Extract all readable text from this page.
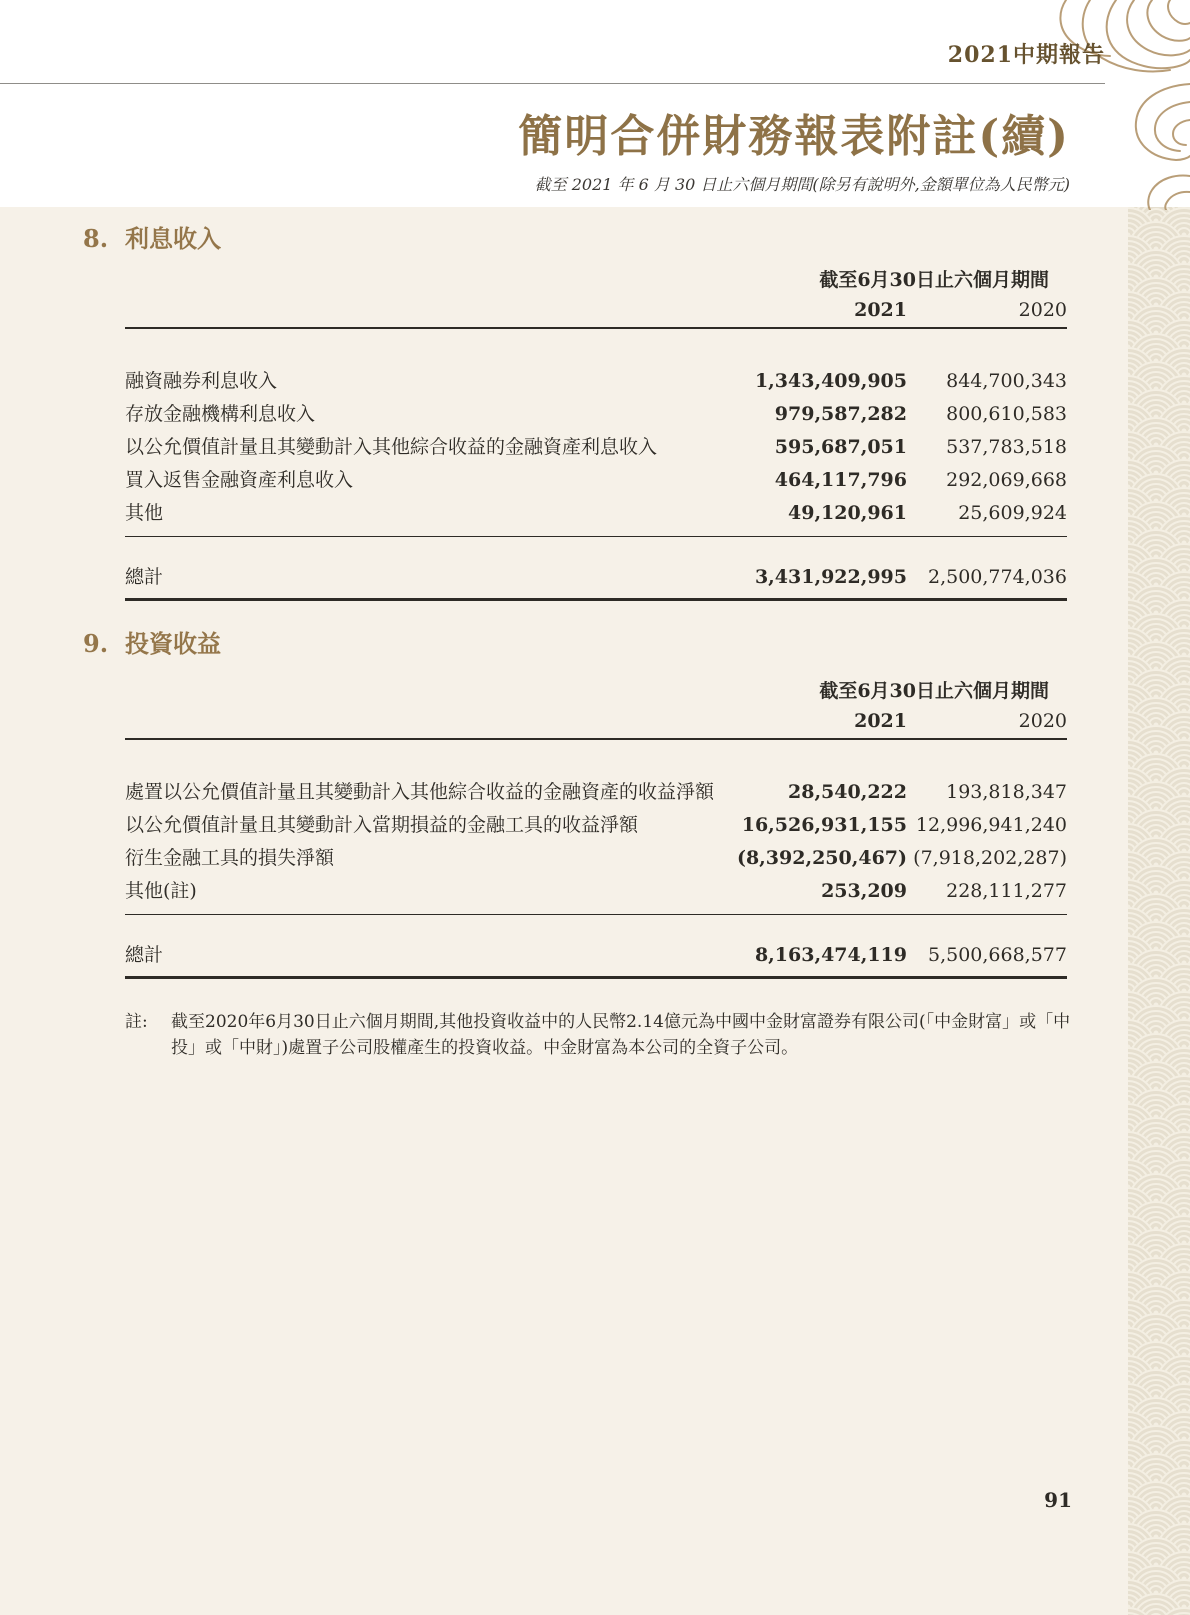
2021中期報告
簡明合併財務報表附註(續)
截至 2021 年 6 月 30 日止六個月期間(除另有說明外,金額單位為人民幣元)
8. 利息收入
截至6月30日止六個月期間
2021	2020
融資融券利息收入	1,343,409,905	844,700,343
存放金融機構利息收入	979,587,282	800,610,583
以公允價值計量且其變動計入其他綜合收益的金融資產利息收入	595,687,051	537,783,518
買入返售金融資產利息收入	464,117,796	292,069,668
其他	49,120,961	25,609,924
總計	3,431,922,995	2,500,774,036
9. 投資收益
截至6月30日止六個月期間
2021	2020
處置以公允價值計量且其變動計入其他綜合收益的金融資產的收益淨額	28,540,222	193,818,347
以公允價值計量且其變動計入當期損益的金融工具的收益淨額	16,526,931,155 12,996,941,240
衍生金融工具的損失淨額	(8,392,250,467) (7,918,202,287)
其他(註)	253,209	228,111,277
總計	8,163,474,119	5,500,668,577
註:	截至2020年6月30日止六個月期間,其他投資收益中的人民幣2.14億元為中國中金財富證券有限公司(「中金財富」或「中投」或「中財」)處置子公司股權產生的投資收益。中金財富為本公司的全資子公司。
91
